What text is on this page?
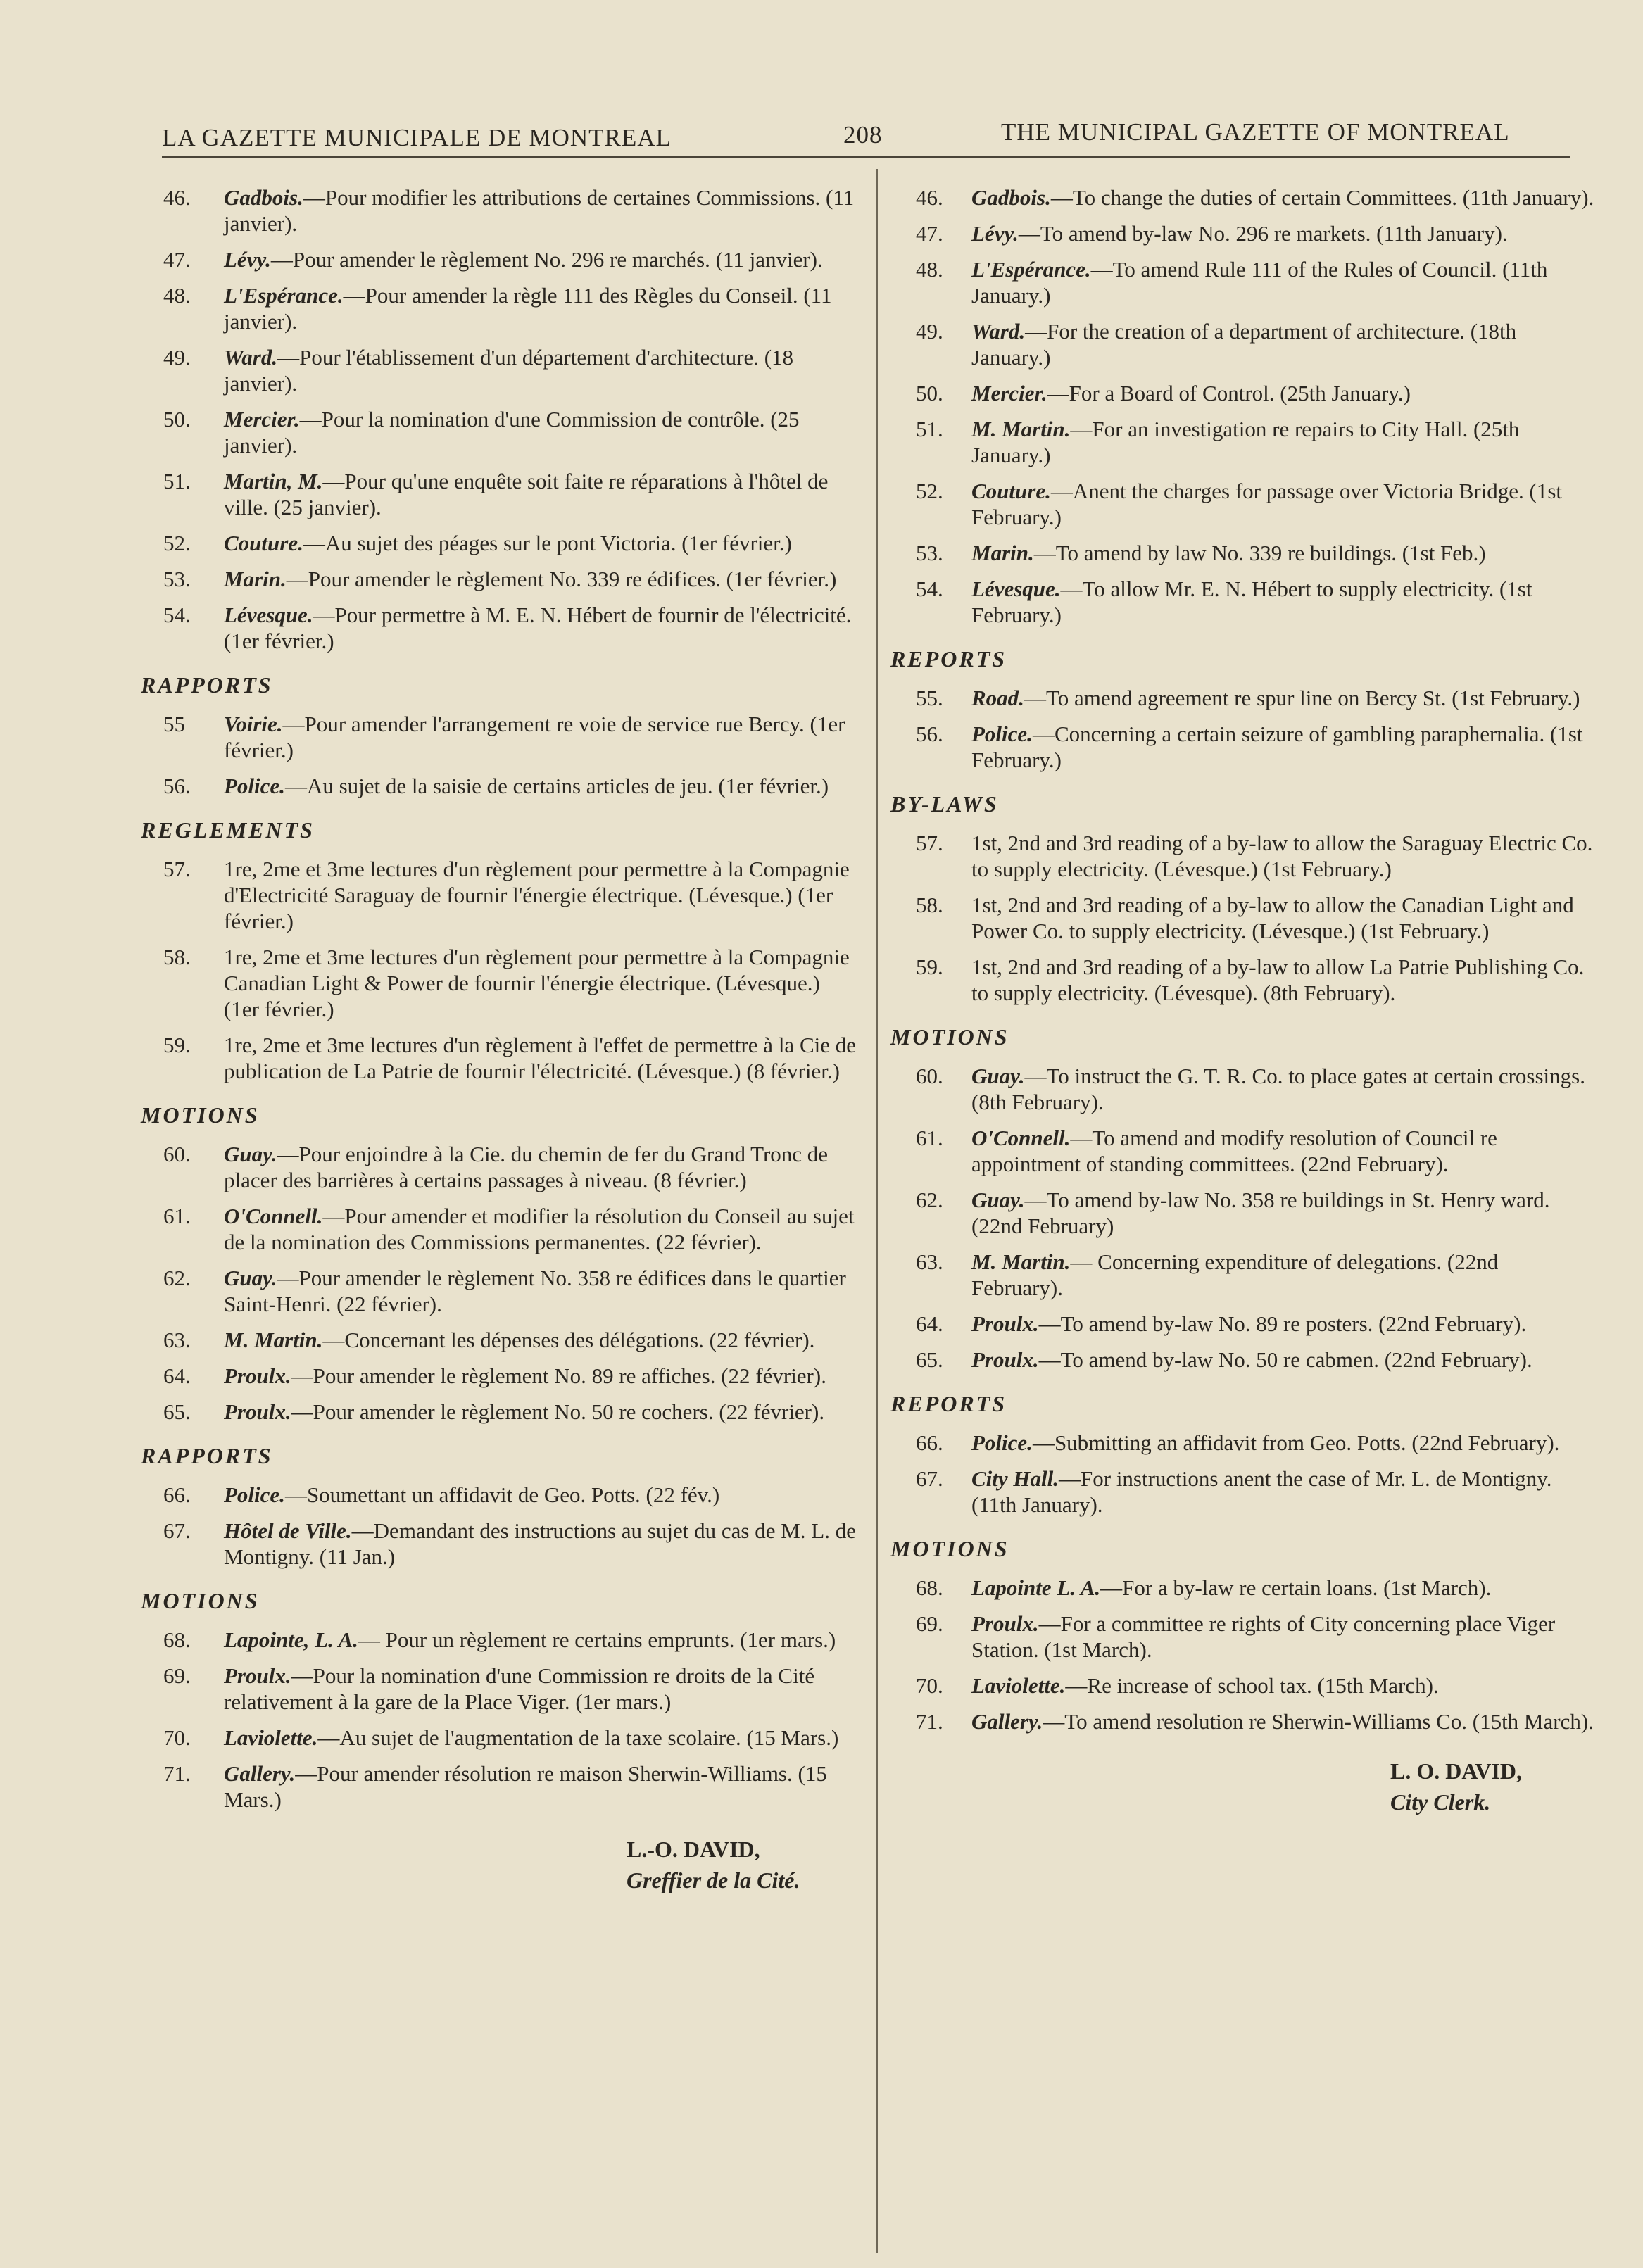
LA GAZETTE MUNICIPALE DE MONTREAL	208	THE MUNICIPAL GAZETTE OF MONTREAL
46. Gadbois.—Pour modifier les attributions de certaines Commissions. (11 janvier).
47. Lévy.—Pour amender le règlement No. 296 re marchés. (11 janvier).
48. L'Espérance.—Pour amender la règle 111 des Règles du Conseil. (11 janvier).
49. Ward.—Pour l'établissement d'un département d'architecture. (18 janvier).
50. Mercier.—Pour la nomination d'une Commission de contrôle. (25 janvier).
51. Martin, M.—Pour qu'une enquête soit faite re réparations à l'hôtel de ville. (25 janvier).
52. Couture.—Au sujet des péages sur le pont Victoria. (1er février.)
53. Marin.—Pour amender le règlement No. 339 re édifices. (1er février.)
54. Lévesque.—Pour permettre à M. E. N. Hébert de fournir de l'électricité. (1er février.)
RAPPORTS
55 Voirie.—Pour amender l'arrangement re voie de service rue Bercy. (1er février.)
56. Police.—Au sujet de la saisie de certains articles de jeu. (1er février.)
REGLEMENTS
57. 1re, 2me et 3me lectures d'un règlement pour permettre à la Compagnie d'Electricité Saraguay de fournir l'énergie électrique. (Lévesque.) (1er février.)
58. 1re, 2me et 3me lectures d'un règlement pour permettre à la Compagnie Canadian Light & Power de fournir l'énergie électrique. (Lévesque.) (1er février.)
59. 1re, 2me et 3me lectures d'un règlement à l'effet de permettre à la Cie de publication de La Patrie de fournir l'électricité. (Lévesque.) (8 février.)
MOTIONS
60. Guay.—Pour enjoindre à la Cie. du chemin de fer du Grand Tronc de placer des barrières à certains passages à niveau. (8 février.)
61. O'Connell.—Pour amender et modifier la résolution du Conseil au sujet de la nomination des Commissions permanentes. (22 février).
62. Guay.—Pour amender le règlement No. 358 re édifices dans le quartier Saint-Henri. (22 février).
63. M. Martin.—Concernant les dépenses des délégations. (22 février).
64. Proulx.—Pour amender le règlement No. 89 re affiches. (22 février).
65. Proulx.—Pour amender le règlement No. 50 re cochers. (22 février).
RAPPORTS
66. Police.—Soumettant un affidavit de Geo. Potts. (22 fév.)
67. Hôtel de Ville.—Demandant des instructions au sujet du cas de M. L. de Montigny. (11 Jan.)
MOTIONS
68. Lapointe, L. A.— Pour un règlement re certains emprunts. (1er mars.)
69. Proulx.—Pour la nomination d'une Commission re droits de la Cité relativement à la gare de la Place Viger. (1er mars.)
70. Laviolette.—Au sujet de l'augmentation de la taxe scolaire. (15 Mars.)
71. Gallery.—Pour amender résolution re maison Sherwin-Williams. (15 Mars.)
L.-O. DAVID,
Greffier de la Cité.
46. Gadbois.—To change the duties of certain Committees. (11th January).
47. Lévy.—To amend by-law No. 296 re markets. (11th January).
48. L'Espérance.—To amend Rule 111 of the Rules of Council. (11th January.)
49. Ward.—For the creation of a department of architecture. (18th January.)
50. Mercier.—For a Board of Control. (25th January.)
51. M. Martin.—For an investigation re repairs to City Hall. (25th January.)
52. Couture.—Anent the charges for passage over Victoria Bridge. (1st February.)
53. Marin.—To amend by law No. 339 re buildings. (1st Feb.)
54. Lévesque.—To allow Mr. E. N. Hébert to supply electricity. (1st February.)
REPORTS
55. Road.—To amend agreement re spur line on Bercy St. (1st February.)
56. Police.—Concerning a certain seizure of gambling paraphernalia. (1st February.)
BY-LAWS
57. 1st, 2nd and 3rd reading of a by-law to allow the Saraguay Electric Co. to supply electricity. (Lévesque.) (1st February.)
58. 1st, 2nd and 3rd reading of a by-law to allow the Canadian Light and Power Co. to supply electricity. (Lévesque.) (1st February.)
59. 1st, 2nd and 3rd reading of a by-law to allow La Patrie Publishing Co. to supply electricity. (Lévesque). (8th February).
MOTIONS
60. Guay.—To instruct the G. T. R. Co. to place gates at certain crossings. (8th February).
61. O'Connell.—To amend and modify resolution of Council re appointment of standing committees. (22nd February).
62. Guay.—To amend by-law No. 358 re buildings in St. Henry ward. (22nd February)
63. M. Martin.— Concerning expenditure of delegations. (22nd February).
64. Proulx.—To amend by-law No. 89 re posters. (22nd February).
65. Proulx.—To amend by-law No. 50 re cabmen. (22nd February).
REPORTS
66. Police.—Submitting an affidavit from Geo. Potts. (22nd February).
67. City Hall.—For instructions anent the case of Mr. L. de Montigny. (11th January).
MOTIONS
68. Lapointe L. A.—For a by-law re certain loans. (1st March).
69. Proulx.—For a committee re rights of City concerning place Viger Station. (1st March).
70. Laviolette.—Re increase of school tax. (15th March).
71. Gallery.—To amend resolution re Sherwin-Williams Co. (15th March).
L. O. DAVID,
City Clerk.
